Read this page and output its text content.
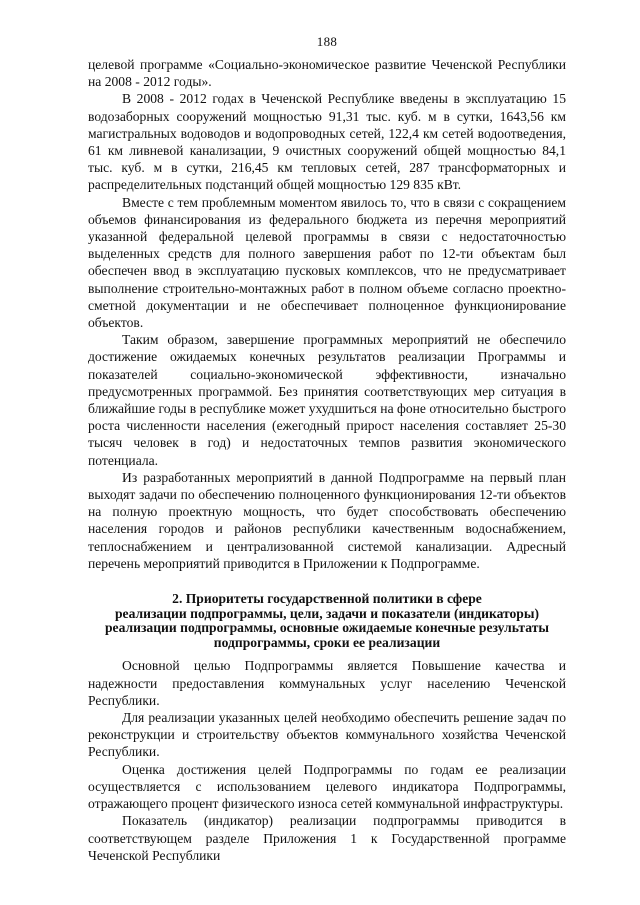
188

целевой программе «Социально-экономическое развитие Чеченской Республики на 2008 - 2012 годы».

В 2008 - 2012 годах в Чеченской Республике введены в эксплуатацию 15 водозаборных сооружений мощностью 91,31 тыс. куб. м в сутки, 1643,56 км магистральных водоводов и водопроводных сетей, 122,4 км сетей водоотведения, 61 км ливневой канализации, 9 очистных сооружений общей мощностью 84,1 тыс. куб. м в сутки, 216,45 км тепловых сетей, 287 трансформаторных и распределительных подстанций общей мощностью 129 835 кВт.

Вместе с тем проблемным моментом явилось то, что в связи с сокращением объемов финансирования из федерального бюджета из перечня мероприятий указанной федеральной целевой программы в связи с недостаточностью выделенных средств для полного завершения работ по 12-ти объектам был обеспечен ввод в эксплуатацию пусковых комплексов, что не предусматривает выполнение строительно-монтажных работ в полном объеме согласно проектно-сметной документации и не обеспечивает полноценное функционирование объектов.

Таким образом, завершение программных мероприятий не обеспечило достижение ожидаемых конечных результатов реализации Программы и показателей социально-экономической эффективности, изначально предусмотренных программой. Без принятия соответствующих мер ситуация в ближайшие годы в республике может ухудшиться на фоне относительно быстрого роста численности населения (ежегодный прирост населения составляет 25-30 тысяч человек в год) и недостаточных темпов развития экономического потенциала.

Из разработанных мероприятий в данной Подпрограмме на первый план выходят задачи по обеспечению полноценного функционирования 12-ти объектов на полную проектную мощность, что будет способствовать обеспечению населения городов и районов республики качественным водоснабжением, теплоснабжением и централизованной системой канализации. Адресный перечень мероприятий приводится в Приложении к Подпрограмме.

2. Приоритеты государственной политики в сфере
реализации подпрограммы, цели, задачи и показатели (индикаторы)
реализации подпрограммы, основные ожидаемые конечные результаты
подпрограммы, сроки ее реализации

Основной целью Подпрограммы является Повышение качества и надежности предоставления коммунальных услуг населению Чеченской Республики.

Для реализации указанных целей необходимо обеспечить решение задач по реконструкции и строительству объектов коммунального хозяйства Чеченской Республики.

Оценка достижения целей Подпрограммы по годам ее реализации осуществляется с использованием целевого индикатора Подпрограммы, отражающего процент физического износа сетей коммунальной инфраструктуры.

Показатель (индикатор) реализации подпрограммы приводится в соответствующем разделе Приложения 1 к Государственной программе Чеченской Республики
